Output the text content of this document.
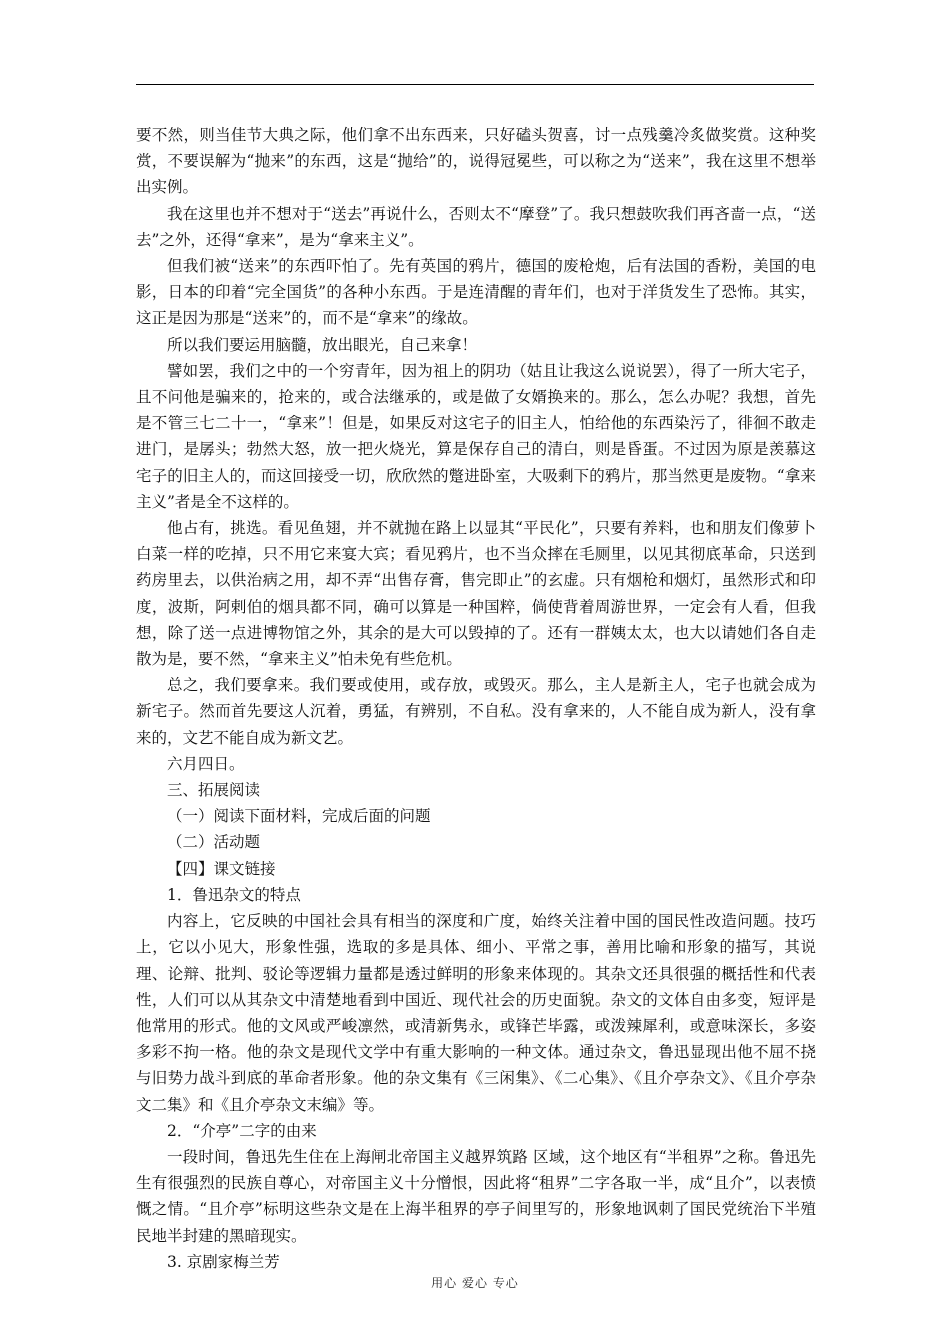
要不然，则当佳节大典之际，他们拿不出东西来，只好磕头贺喜，讨一点残羹冷炙做奖赏。这种奖赏，不要误解为“抛来”的东西，这是“抛给”的，说得冠冕些，可以称之为“送来”，我在这里不想举出实例。

我在这里也并不想对于“送去”再说什么，否则太不“摩登”了。我只想鼓吹我们再吝啬一点，“送去”之外，还得“拿来”，是为“拿来主义”。

但我们被“送来”的东西吓怕了。先有英国的鸦片，德国的废枪炮，后有法国的香粉，美国的电影，日本的印着“完全国货”的各种小东西。于是连清醒的青年们，也对于洋货发生了恐怖。其实，这正是因为那是“送来”的，而不是“拿来”的缘故。

所以我们要运用脑髓，放出眼光，自己来拿！

譬如罢，我们之中的一个穷青年，因为祖上的阴功（姑且让我这么说说罢），得了一所大宅子，且不问他是骗来的，抢来的，或合法继承的，或是做了女婿换来的。那么，怎么办呢？我想，首先是不管三七二十一，“拿来”！但是，如果反对这宅子的旧主人，怕给他的东西染污了，徘徊不敢走进门，是孱头；勃然大怒，放一把火烧光，算是保存自己的清白，则是昏蛋。不过因为原是羡慕这宅子的旧主人的，而这回接受一切，欣欣然的蹩进卧室，大吸剩下的鸦片，那当然更是废物。“拿来主义”者是全不这样的。

他占有，挑选。看见鱼翅，并不就抛在路上以显其“平民化”，只要有养料，也和朋友们像萝卜白菜一样的吃掉，只不用它来宴大宾；看见鸦片，也不当众摔在毛厕里，以见其彻底革命，只送到药房里去，以供治病之用，却不弄“出售存膏，售完即止”的玄虚。只有烟枪和烟灯，虽然形式和印度，波斯，阿剌伯的烟具都不同，确可以算是一种国粹，倘使背着周游世界，一定会有人看，但我想，除了送一点进博物馆之外，其余的是大可以毁掉的了。还有一群姨太太，也大以请她们各自走散为是，要不然，“拿来主义”怕未免有些危机。

总之，我们要拿来。我们要或使用，或存放，或毁灭。那么，主人是新主人，宅子也就会成为新宅子。然而首先要这人沉着，勇猛，有辨别，不自私。没有拿来的，人不能自成为新人，没有拿来的，文艺不能自成为新文艺。

六月四日。

三、拓展阅读

（一）阅读下面材料，完成后面的问题

（二）活动题

【四】课文链接

1．鲁迅杂文的特点

内容上，它反映的中国社会具有相当的深度和广度，始终关注着中国的国民性改造问题。技巧上，它以小见大，形象性强，选取的多是具体、细小、平常之事，善用比喻和形象的描写，其说理、论辩、批判、驳论等逻辑力量都是透过鲜明的形象来体现的。其杂文还具很强的概括性和代表性，人们可以从其杂文中清楚地看到中国近、现代社会的历史面貌。杂文的文体自由多变，短评是他常用的形式。他的文风或严峻凛然，或清新隽永，或锋芒毕露，或泼辣犀利，或意味深长，多姿多彩不拘一格。他的杂文是现代文学中有重大影响的一种文体。通过杂文，鲁迅显现出他不屈不挠与旧势力战斗到底的革命者形象。他的杂文集有《三闲集》、《二心集》、《且介亭杂文》、《且介亭杂文二集》和《且介亭杂文末编》等。

2．“介亭”二字的由来

一段时间，鲁迅先生住在上海闸北帝国主义越界筑路 区域，这个地区有“半租界”之称。鲁迅先生有很强烈的民族自尊心，对帝国主义十分憎恨，因此将“租界”二字各取一半，成“且介”，以表愤慨之情。“且介亭”标明这些杂文是在上海半租界的亭子间里写的，形象地讽刺了国民党统治下半殖民地半封建的黑暗现实。

3. 京剧家梅兰芳

用心 爱心 专心
